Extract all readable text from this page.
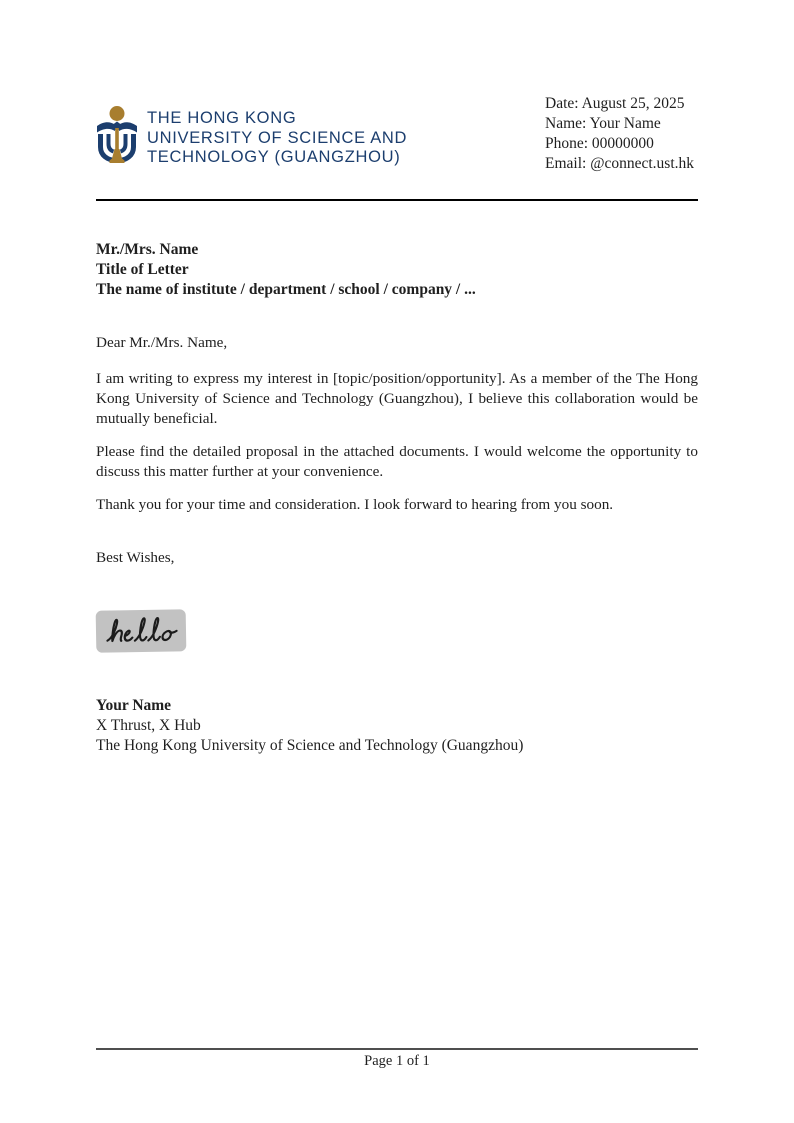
THE HONG KONG
UNIVERSITY OF SCIENCE AND
TECHNOLOGY (GUANGZHOU)
Date: August 25, 2025
Name: Your Name
Phone: 00000000
Email: @connect.ust.hk
Mr./Mrs. Name
Title of Letter
The name of institute / department / school / company / ...
Dear Mr./Mrs. Name,

I am writing to express my interest in [topic/position/opportunity]. As a member of the The Hong Kong University of Science and Technology (Guangzhou), I believe this collaboration would be mutually beneficial.

Please find the detailed proposal in the attached documents. I would welcome the opportunity to discuss this matter further at your convenience.

Thank you for your time and consideration. I look forward to hearing from you soon.

Best Wishes,
Your Name
X Thrust, X Hub
The Hong Kong University of Science and Technology (Guangzhou)
Page 1 of 1
